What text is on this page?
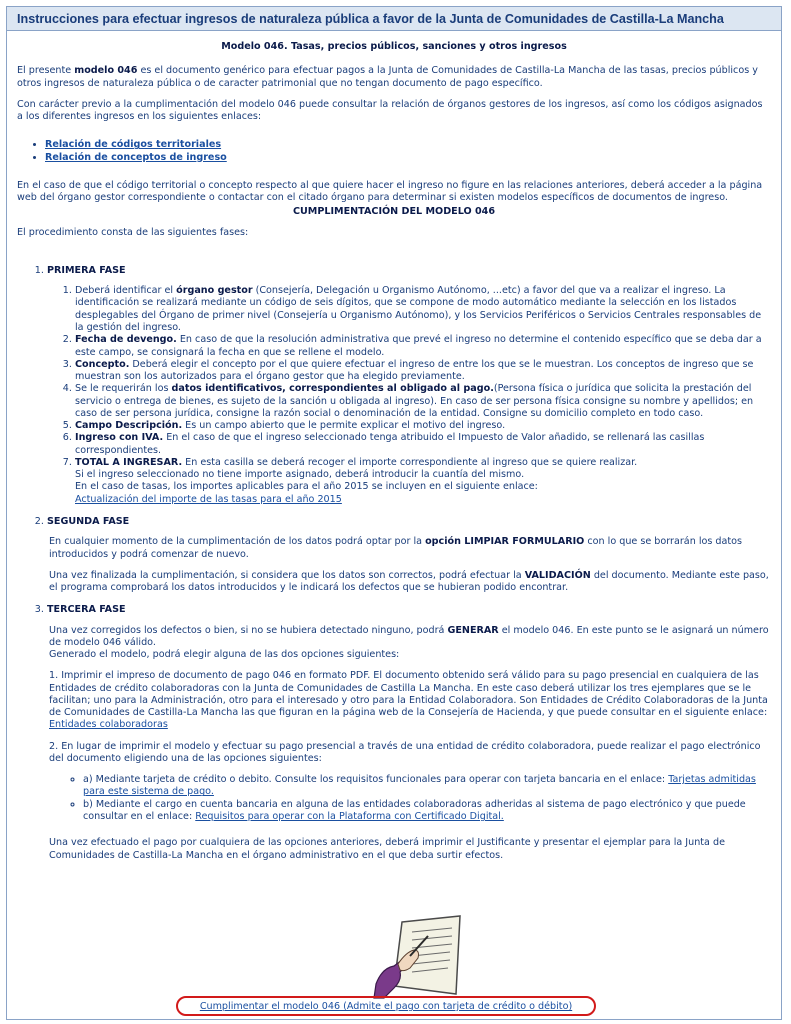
Instrucciones para efectuar ingresos de naturaleza pública a favor de la Junta de Comunidades de Castilla-La Mancha
Modelo 046. Tasas, precios públicos, sanciones y otros ingresos

El presente modelo 046 es el documento genérico para efectuar pagos a la Junta de Comunidades de Castilla-La Mancha de las tasas, precios públicos y otros ingresos de naturaleza pública o de caracter patrimonial que no tengan documento de pago específico.

Con carácter previo a la cumplimentación del modelo 046 puede consultar la relación de órganos gestores de los ingresos, así como los códigos asignados a los diferentes ingresos en los siguientes enlaces:

• Relación de códigos territoriales
• Relación de conceptos de ingreso

En el caso de que el código territorial o concepto respecto al que quiere hacer el ingreso no figure en las relaciones anteriores, deberá acceder a la página web del órgano gestor correspondiente o contactar con el citado órgano para determinar si existen modelos específicos de documentos de ingreso.

CUMPLIMENTACIÓN DEL MODELO 046

El procedimiento consta de las siguientes fases:

1. PRIMERA FASE
1. Deberá identificar el órgano gestor (Consejería, Delegación u Organismo Autónomo, ...etc) a favor del que va a realizar el ingreso. La identificación se realizará mediante un código de seis dígitos, que se compone de modo automático mediante la selección en los listados desplegables del Órgano de primer nivel (Consejería u Organismo Autónomo), y los Servicios Periféricos o Servicios Centrales responsables de la gestión del ingreso.
2. Fecha de devengo. En caso de que la resolución administrativa que prevé el ingreso no determine el contenido específico que se deba dar a este campo, se consignará la fecha en que se rellene el modelo.
3. Concepto. Deberá elegir el concepto por el que quiere efectuar el ingreso de entre los que se le muestran. Los conceptos de ingreso que se muestran son los autorizados para el órgano gestor que ha elegido previamente.
4. Se le requerirán los datos identificativos, correspondientes al obligado al pago.(Persona física o jurídica que solicita la prestación del servicio o entrega de bienes, es sujeto de la sanción u obligada al ingreso). En caso de ser persona física consigne su nombre y apellidos; en caso de ser persona jurídica, consigne la razón social o denominación de la entidad. Consigne su domicilio completo en todo caso.
5. Campo Descripción. Es un campo abierto que le permite explicar el motivo del ingreso.
6. Ingreso con IVA. En el caso de que el ingreso seleccionado tenga atribuido el Impuesto de Valor añadido, se rellenará las casillas correspondientes.
7. TOTAL A INGRESAR. En esta casilla se deberá recoger el importe correspondiente al ingreso que se quiere realizar.
Si el ingreso seleccionado no tiene importe asignado, deberá introducir la cuantía del mismo.
En el caso de tasas, los importes aplicables para el año 2015 se incluyen en el siguiente enlace:
Actualización del importe de las tasas para el año 2015
2. SEGUNDA FASE

En cualquier momento de la cumplimentación de los datos podrá optar por la opción LIMPIAR FORMULARIO con lo que se borrarán los datos introducidos y podrá comenzar de nuevo.

Una vez finalizada la cumplimentación, si considera que los datos son correctos, podrá efectuar la VALIDACIÓN del documento. Mediante este paso, el programa comprobará los datos introducidos y le indicará los defectos que se hubieran podido encontrar.

3. TERCERA FASE

Una vez corregidos los defectos o bien, si no se hubiera detectado ninguno, podrá GENERAR el modelo 046. En este punto se le asignará un número de modelo 046 válido.
Generado el modelo, podrá elegir alguna de las dos opciones siguientes:

1. Imprimir el impreso de documento de pago 046 en formato PDF. El documento obtenido será válido para su pago presencial en cualquiera de las Entidades de crédito colaboradoras con la Junta de Comunidades de Castilla La Mancha. En este caso deberá utilizar los tres ejemplares que se le facilitan; uno para la Administración, otro para el interesado y otro para la Entidad Colaboradora. Son Entidades de Crédito Colaboradoras de la Junta de Comunidades de Castilla-La Mancha las que figuran en la página web de la Consejería de Hacienda, y que puede consultar en el siguiente enlace:
Entidades colaboradoras

2. En lugar de imprimir el modelo y efectuar su pago presencial a través de una entidad de crédito colaboradora, puede realizar el pago electrónico del documento eligiendo una de las opciones siguientes:

◦ a) Mediante tarjeta de crédito o debito. Consulte los requisitos funcionales para operar con tarjeta bancaria en el enlace: Tarjetas admitidas para este sistema de pago.
◦ b) Mediante el cargo en cuenta bancaria en alguna de las entidades colaboradoras adheridas al sistema de pago electrónico y que puede consultar en el enlace: Requisitos para operar con la Plataforma con Certificado Digital.

Una vez efectuado el pago por cualquiera de las opciones anteriores, deberá imprimir el Justificante y presentar el ejemplar para la Junta de Comunidades de Castilla-La Mancha en el órgano administrativo en el que deba surtir efectos.

Cumplimentar el modelo 046 (Admite el pago con tarjeta de crédito o débito)
